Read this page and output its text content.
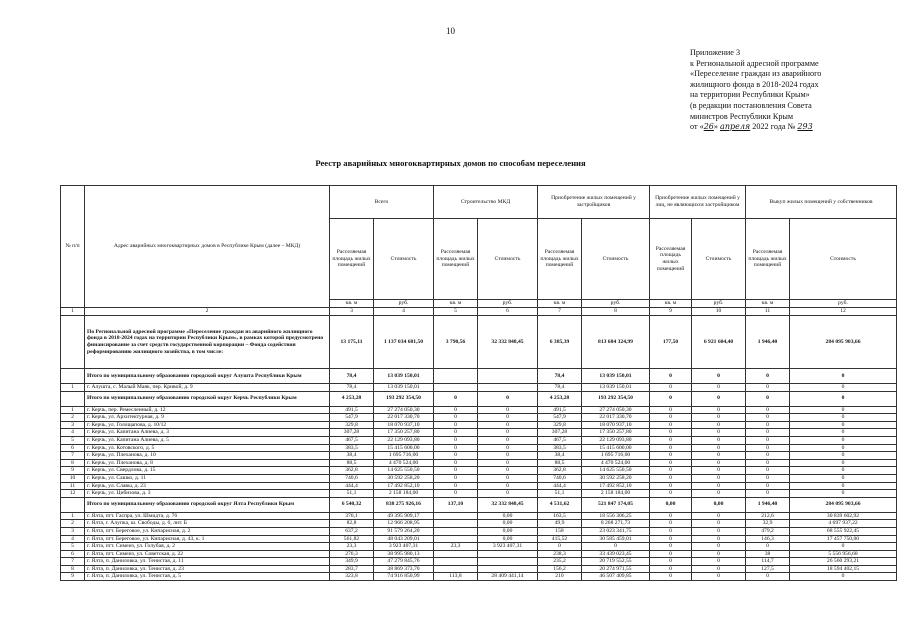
10
Приложение 3
к Региональной адресной программе
«Переселение граждан из аварийного
жилищного фонда в 2018-2024 годах
на территории Республики Крым»
(в редакции постановления Совета
министров Республики Крым
от «26» апреля 2022 года № 293
Реестр аварийных многоквартирных домов по способам переселения
№ п/п	Адрес аварийных многоквартирных домов в Республике Крым (далее – МКД)	Всего		Строительство МКД		Приобретение жилых помещений у застройщиков		Приобретение жилых помещений у лиц, не являющихся застройщиком		Выкуп жилых помещений у собственников	
		Расселяемая площадь жилых помещений	Стоимость	Расселяемая площадь жилых помещений	Стоимость	Расселяемая площадь жилых помещений	Стоимость	Расселяемая площадь жилых помещений	Стоимость	Расселяемая площадь жилых помещений	Стоимость
		кв. м	руб.	кв. м	руб.	кв. м	руб.	кв. м	руб.	кв. м	руб.
1	2	3	4	5	6	7	8	9	10	11	12
	По Региональной адресной программе «Переселение граждан из аварийного жилищного фонда в 2018-2024 годах на территории Республики Крым», в рамках которой предусмотрено финансирование за счет средств государственной корпорации – Фонда содействия реформированию жилищного хозяйства, в том числе:	13 175,11	1 137 034 681,50	3 790,56	32 332 848,45	6 385,39	813 684 324,99	177,50	6 921 604,40	1 946,40	284 095 903,66
	Итого по муниципальному образованию городской округ Алушта Республики Крым	78,4	13 039 150,01			78,4	13 039 150,01	0	0	0	0
1	г. Алушта, с. Малый Маяк, пер. Кривой, д. 9	78,4	13 039 150,01			78,4	13 039 150,01	0	0	0	0
	Итого по муниципальному образованию городской округ Керчь Республики Крым	4 253,28	193 292 354,50	0	0	4 253,28	193 292 354,50	0	0	0	0
1	г. Керчь, пер. Ремесленный, д. 12	491,5	27 274 050,30	0	0	491,5	27 274 050,30	0	0	0	0
2	г. Керчь, ул. Архитектурная, д. 9	547,9	22 017 330,70	0	0	547,9	22 017 330,70	0	0	0	0
3	г. Керчь, ул. Голощапова, д. 10/12	329,8	18 070 937,10	0	0	329,8	18 070 937,10	0	0	0	0
4	г. Керчь, ул. Капитана Алиева, д. 3	307,28	17 350 257,80	0	0	307,28	17 350 257,80	0	0	0	0
5	г. Керчь, ул. Капитана Алиева, д. 5	467,5	22 129 093,80	0	0	467,5	22 129 093,80	0	0	0	0
6	г. Керчь, ул. Котовского, д. 5	383,5	15 415 600,00	0	0	383,5	15 415 600,00	0	0	0	0
7	г. Керчь, ул. Плеханова, д. 10	38,4	1 695 716,00	0	0	38,4	1 695 716,00	0	0	0	0
8	г. Керчь, ул. Плеханова, д. 8	88,5	4 470 524,00	0	0	88,5	4 470 524,00	0	0	0	0
9	г. Керчь, ул. Свердлова, д. 15	362,8	14 625 550,50	0	0	362,8	14 625 550,50	0	0	0	0
10	г. Керчь, ул. Сашко, д. 11	740,6	30 592 258,20	0	0	740,6	30 592 258,20	0	0	0	0
11	г. Керчь, ул. Славы, д. 23	444,4	17 492 852,10	0	0	444,4	17 492 852,10	0	0	0	0
12	г. Керчь, ул. Цибизова, д. 3	51,1	2 158 184,00	0	0	51,1	2 158 184,00	0	0	0	0
	Итого по муниципальному образованию городской округ Ялта Республики Крым	6 540,32	838 275 926,16	137,10	32 332 848,45	4 531,62	521 847 174,05	0,00	0,00	1 946,40	284 095 903,66
1	г. Ялта, пгт. Гаспра, ул. Шмидта, д. 76	376,1	49 395 909,17		0,00	163,5	18 556 306,25	0	0	212,6	30 839 602,92
2	г. Ялта, г. Алупка, ш. Свободы, д. 6, лит. Б	82,8	12 966 208,95		0,00	49,9	8 268 271,73	0	0	32,9	4 697 937,22
3	г. Ялта, пгт. Береговое, ул. Кипарисная, д. 2	637,2	91 579 264,20		0,00	158	23 023 341,75	0	0	479,2	68 555 922,45
4	г. Ялта, пгт. Береговое, ул. Кипарисная, д. 43, к. 1	561,82	48 043 209,01		0,00	415,52	30 585 459,01	0	0	146,3	17 457 750,00
5	г. Ялта, пгт. Симеиз, ул. Голубая, д. 2	23,3	3 923 407,31	23,3	3 923 407,31	0	0	0	0	0	0
6	г. Ялта, пгт. Симеиз, ул. Советская, д. 22	276,3	38 995 980,13			238,3	33 439 023,45	0	0	38	5 556 956,68
7	г. Ялта, п. Даниловка, ул. Тенистая, д. 11	349,9	47 279 845,76			235,2	20 719 552,55	0	0	114,7	26 560 293,21
8	г. Ялта, п. Даниловка, ул. Тенистая, д. 23	283,7	38 869 373,70			156,2	20 274 971,55	0	0	127,5	18 594 402,15
9	г. Ялта, п. Даниловка, ул. Тенистая, д. 5	323,8	74 916 850,99	113,8	28 409 441,14	210	46 507 409,85	0	0	0	0
